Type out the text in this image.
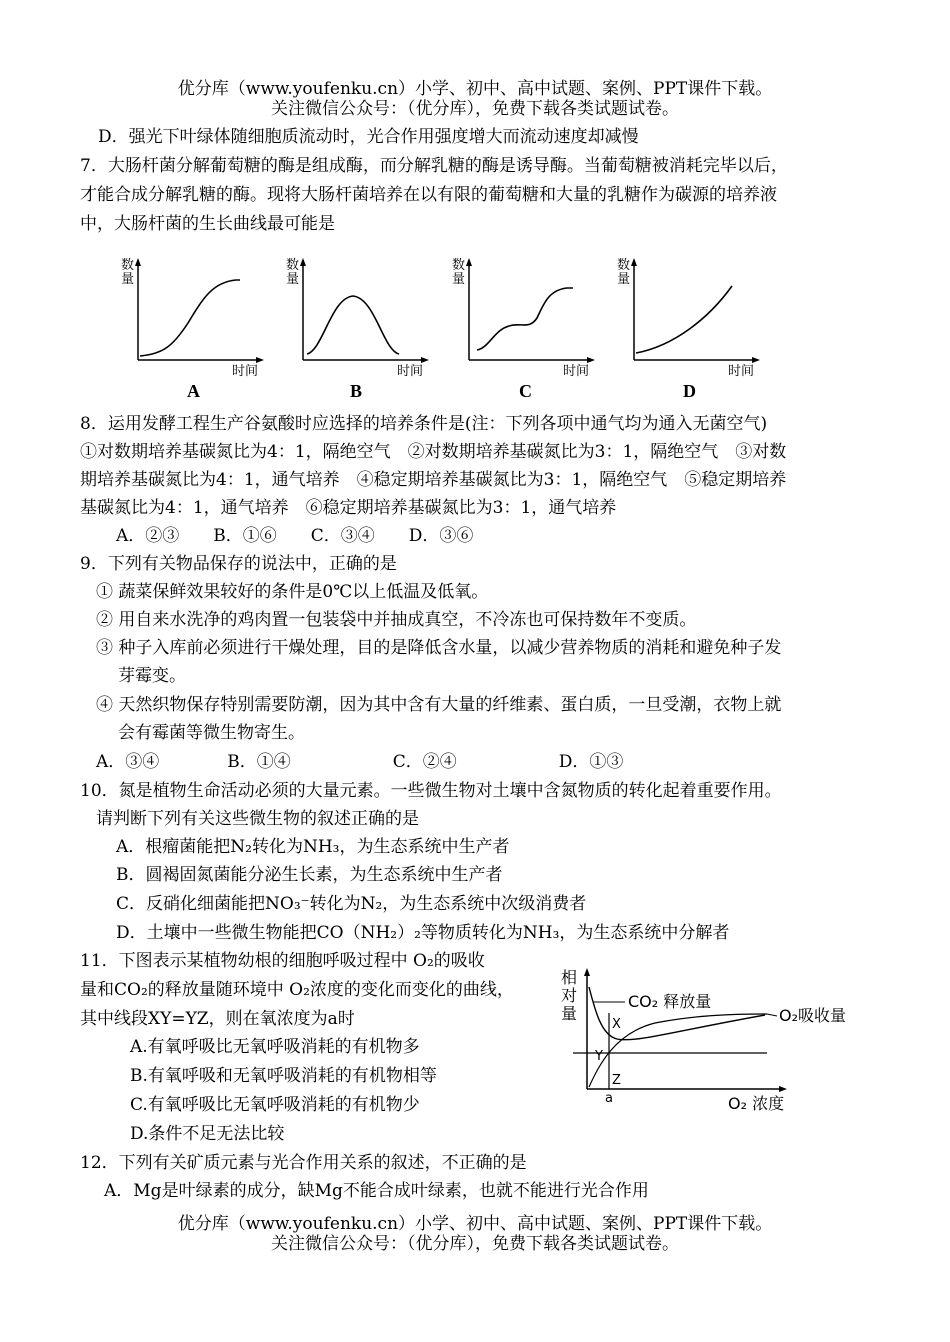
优分库（www.youfenku.cn）小学、初中、高中试题、案例、PPT课件下载。
关注微信公众号：（优分库），免费下载各类试题试卷。
D．强光下叶绿体随细胞质流动时，光合作用强度增大而流动速度却减慢
7．大肠杆菌分解葡萄糖的酶是组成酶，而分解乳糖的酶是诱导酶。当葡萄糖被消耗完毕以后，
才能合成分解乳糖的酶。现将大肠杆菌培养在以有限的葡萄糖和大量的乳糖作为碳源的培养液
中，大肠杆菌的生长曲线最可能是
数量
时间
A
数量
时间
B
数量
时间
C
数量
时间
D
8．运用发酵工程生产谷氨酸时应选择的培养条件是(注：下列各项中通气均为通入无菌空气)
①对数期培养基碳氮比为4：1，隔绝空气　②对数期培养基碳氮比为3：1，隔绝空气　③对数
期培养基碳氮比为4：1，通气培养　④稳定期培养基碳氮比为3：1，隔绝空气　⑤稳定期培养
基碳氮比为4：1，通气培养　⑥稳定期培养基碳氮比为3：1，通气培养
A．②③　　B．①⑥　　C．③④　　D．③⑥
9．下列有关物品保存的说法中，正确的是
① 蔬菜保鲜效果较好的条件是0℃以上低温及低氧。
② 用自来水洗净的鸡肉置一包装袋中并抽成真空，不冷冻也可保持数年不变质。
③ 种子入库前必须进行干燥处理，目的是降低含水量，以减少营养物质的消耗和避免种子发
芽霉变。
④ 天然织物保存特别需要防潮，因为其中含有大量的纤维素、蛋白质，一旦受潮，衣物上就
会有霉菌等微生物寄生。
A．③④　　　　B．①④　　　　　　C．②④　　　　　　D．①③
10．氮是植物生命活动必须的大量元素。一些微生物对土壤中含氮物质的转化起着重要作用。
请判断下列有关这些微生物的叙述正确的是
A．根瘤菌能把N₂转化为NH₃，为生态系统中生产者
B．圆褐固氮菌能分泌生长素，为生态系统中生产者
C．反硝化细菌能把NO₃⁻转化为N₂，为生态系统中次级消费者
D．土壤中一些微生物能把CO（NH₂）₂等物质转化为NH₃，为生态系统中分解者
11．下图表示某植物幼根的细胞呼吸过程中 O₂的吸收
量和CO₂的释放量随环境中 O₂浓度的变化而变化的曲线，
其中线段XY=YZ，则在氧浓度为a时
A.有氧呼吸比无氧呼吸消耗的有机物多
B.有氧呼吸和无氧呼吸消耗的有机物相等
C.有氧呼吸比无氧呼吸消耗的有机物少
D.条件不足无法比较
相
对
量
CO₂ 释放量
O₂吸收量
X
Y
Z
a	O₂ 浓度
12．下列有关矿质元素与光合作用关系的叙述，不正确的是
A．Mg是叶绿素的成分，缺Mg不能合成叶绿素，也就不能进行光合作用
优分库（www.youfenku.cn）小学、初中、高中试题、案例、PPT课件下载。
关注微信公众号：（优分库），免费下载各类试题试卷。
